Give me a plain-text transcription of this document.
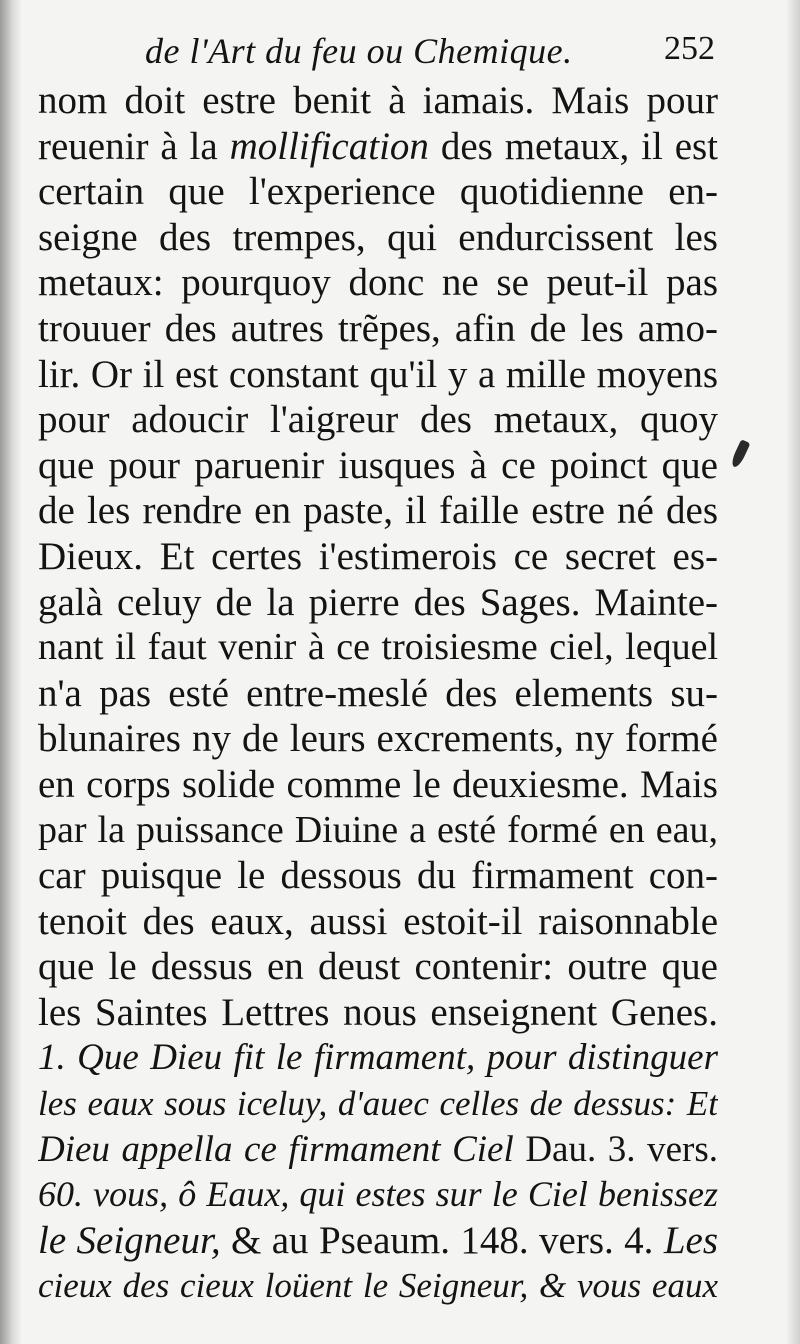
de l'Art du feu ou Chemique.	252
nom doit estre benit à iamais. Mais pour
reuenir à la mollification des metaux, il est
certain que l'experience quotidienne en-
seigne des trempes, qui endurcissent les
metaux: pourquoy donc ne se peut-il pas
trouuer des autres trẽpes, afin de les amo-
lir. Or il est constant qu'il y a mille moyens
pour adoucir l'aigreur des metaux, quoy
que pour paruenir iusques à ce poinct que
de les rendre en paste, il faille estre né des
Dieux. Et certes i'estimerois ce secret es-
galà celuy de la pierre des Sages. Mainte-
nant il faut venir à ce troisiesme ciel, lequel
n'a pas esté entre-meslé des elements su-
blunaires ny de leurs excrements, ny formé
en corps solide comme le deuxiesme. Mais
par la puissance Diuine a esté formé en eau,
car puisque le dessous du firmament con-
tenoit des eaux, aussi estoit-il raisonnable
que le dessus en deust contenir: outre que
les Saintes Lettres nous enseignent Genes.
1. Que Dieu fit le firmament, pour distinguer
les eaux sous iceluy, d'auec celles de dessus: Et
Dieu appella ce firmament Ciel Dau. 3. vers.
60. vous, ô Eaux, qui estes sur le Ciel benissez
le Seigneur, & au Pseaum. 148. vers. 4. Les
cieux des cieux loüent le Seigneur, & vous eaux
